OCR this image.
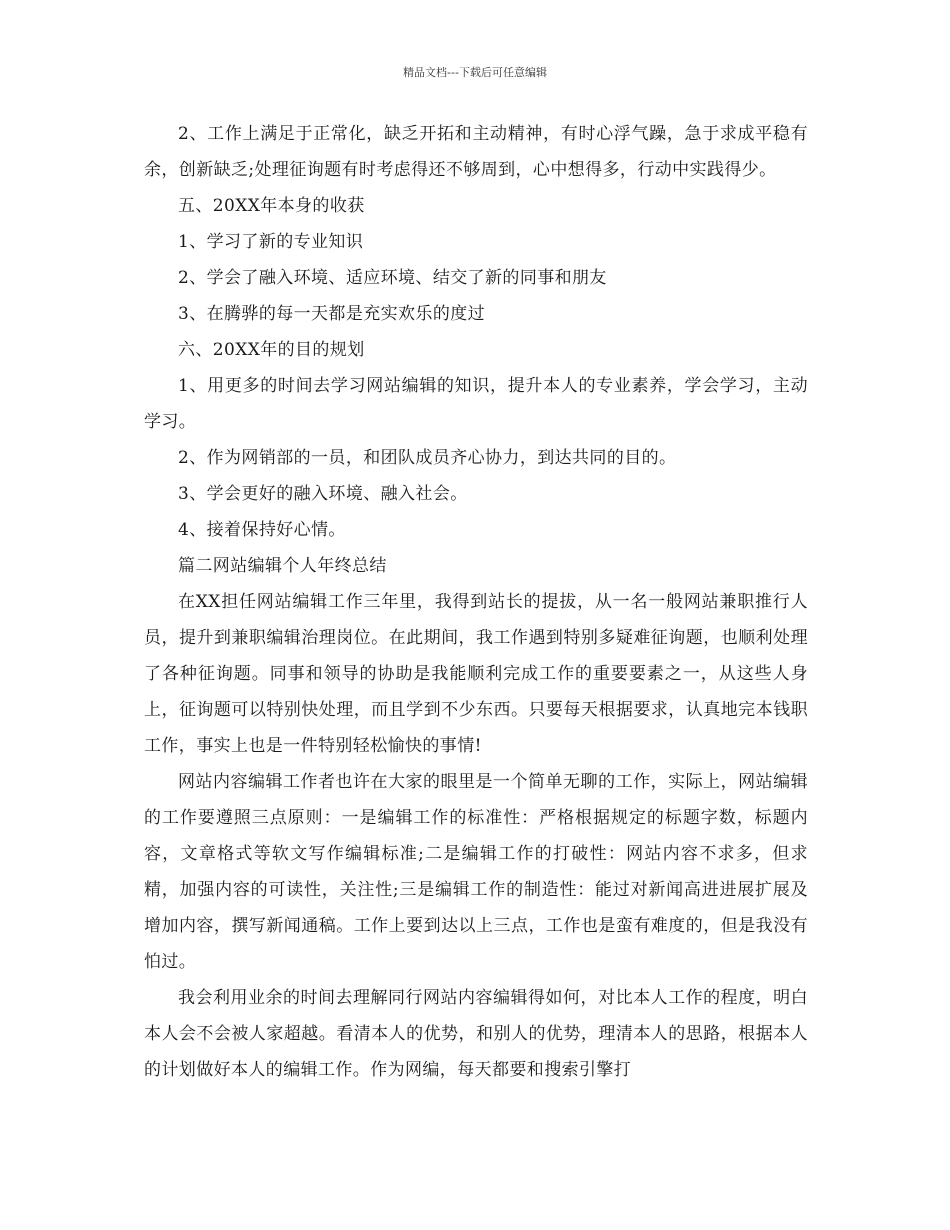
精品文档---下载后可任意编辑

2、工作上满足于正常化，缺乏开拓和主动精神，有时心浮气躁，急于求成平稳有余，创新缺乏;处理征询题有时考虑得还不够周到，心中想得多，行动中实践得少。

五、20XX年本身的收获

1、学习了新的专业知识

2、学会了融入环境、适应环境、结交了新的同事和朋友

3、在腾骅的每一天都是充实欢乐的度过

六、20XX年的目的规划

1、用更多的时间去学习网站编辑的知识，提升本人的专业素养，学会学习，主动学习。

2、作为网销部的一员，和团队成员齐心协力，到达共同的目的。

3、学会更好的融入环境、融入社会。

4、接着保持好心情。

篇二网站编辑个人年终总结

在XX担任网站编辑工作三年里，我得到站长的提拔，从一名一般网站兼职推行人员，提升到兼职编辑治理岗位。在此期间，我工作遇到特别多疑难征询题，也顺利处理了各种征询题。同事和领导的协助是我能顺利完成工作的重要要素之一，从这些人身上，征询题可以特别快处理，而且学到不少东西。只要每天根据要求，认真地完本钱职工作，事实上也是一件特别轻松愉快的事情!

网站内容编辑工作者也许在大家的眼里是一个简单无聊的工作，实际上，网站编辑的工作要遵照三点原则：一是编辑工作的标准性：严格根据规定的标题字数，标题内容，文章格式等软文写作编辑标准;二是编辑工作的打破性：网站内容不求多，但求精，加强内容的可读性，关注性;三是编辑工作的制造性：能过对新闻高进进展扩展及增加内容，撰写新闻通稿。工作上要到达以上三点，工作也是蛮有难度的，但是我没有怕过。

我会利用业余的时间去理解同行网站内容编辑得如何，对比本人工作的程度，明白本人会不会被人家超越。看清本人的优势，和别人的优势，理清本人的思路，根据本人的计划做好本人的编辑工作。作为网编，每天都要和搜索引擎打
